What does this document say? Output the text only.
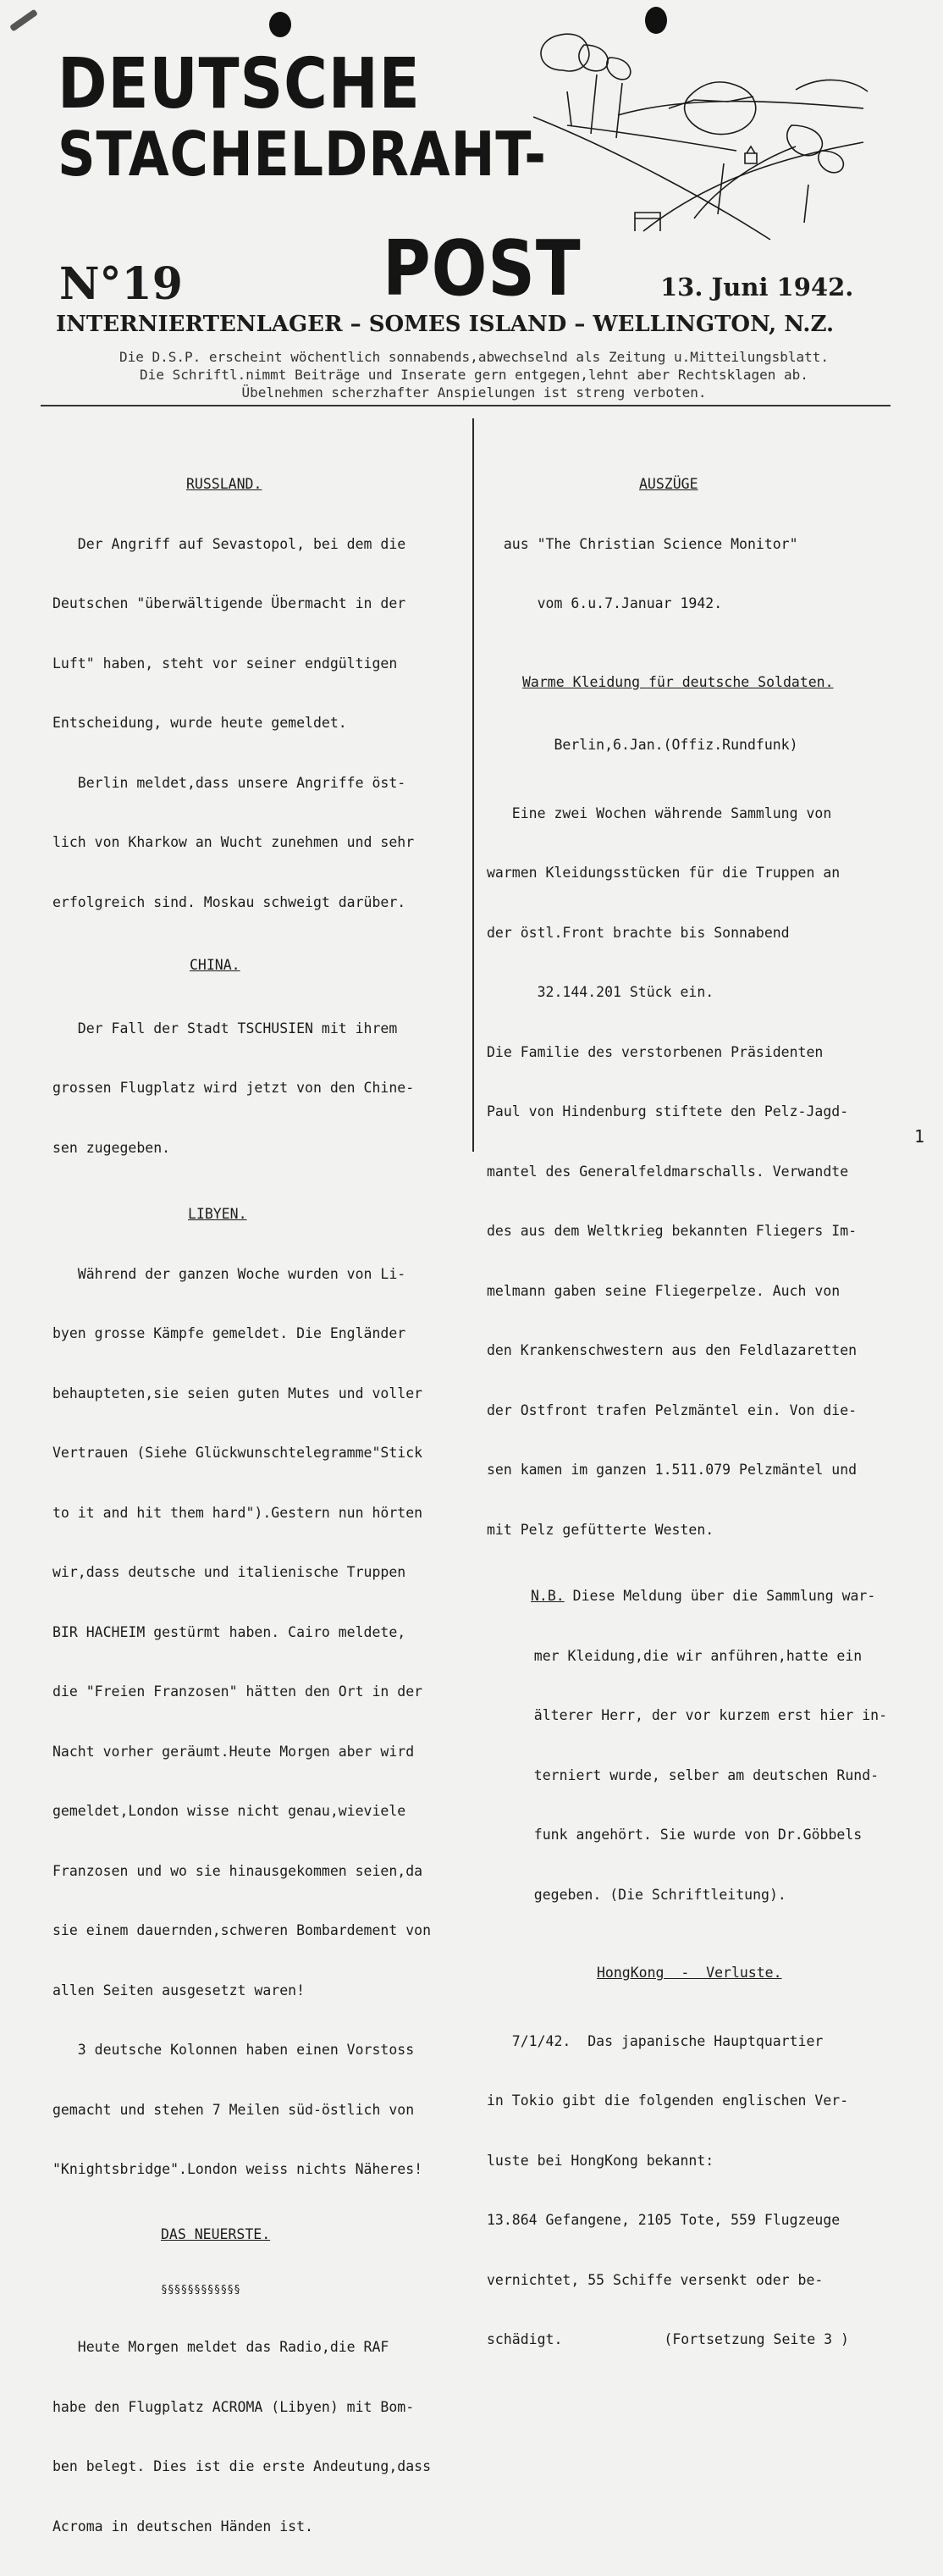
DEUTSCHE
STACHELDRAHT-
POST
N°19	13. Juni 1942.
INTERNIERTENLAGER – SOMES ISLAND – WELLINGTON, N.Z.
Die D.S.P. erscheint wöchentlich sonnabends,abwechselnd als Zeitung u.Mitteilungsblatt.
Die Schriftl.nimmt Beiträge und Inserate gern entgegen,lehnt aber Rechtsklagen ab.
Übelnehmen scherzhafter Anspielungen ist streng verboten.

RUSSLAND.

Der Angriff auf Sevastopol, bei dem die

Deutschen "überwältigende Übermacht in der

Luft" haben, steht vor seiner endgültigen

Entscheidung, wurde heute gemeldet.

Berlin meldet,dass unsere Angriffe öst-

lich von Kharkow an Wucht zunehmen und sehr

erfolgreich sind. Moskau schweigt darüber.

CHINA.

Der Fall der Stadt TSCHUSIEN mit ihrem

grossen Flugplatz wird jetzt von den Chine-

sen zugegeben.

LIBYEN.

Während der ganzen Woche wurden von Li-

byen grosse Kämpfe gemeldet. Die Engländer

behaupteten,sie seien guten Mutes und voller

Vertrauen (Siehe Glückwunschtelegramme"Stick

to it and hit them hard").Gestern nun hörten

wir,dass deutsche und italienische Truppen

BIR HACHEIM gestürmt haben. Cairo meldete,

die "Freien Franzosen" hätten den Ort in der

Nacht vorher geräumt.Heute Morgen aber wird

gemeldet,London wisse nicht genau,wieviele

Franzosen und wo sie hinausgekommen seien,da

sie einem dauernden,schweren Bombardement von

allen Seiten ausgesetzt waren!

3 deutsche Kolonnen haben einen Vorstoss

gemacht und stehen 7 Meilen süd-östlich von

"Knightsbridge".London weiss nichts Näheres!

DAS NEUERSTE.

§§§§§§§§§§§§

Heute Morgen meldet das Radio,die RAF

habe den Flugplatz ACROMA (Libyen) mit Bom-

ben belegt. Dies ist die erste Andeutung,dass

Acroma in deutschen Händen ist.

AUSZÜGE

aus "The Christian Science Monitor"

vom 6.u.7.Januar 1942.

Warme Kleidung für deutsche Soldaten.

Berlin,6.Jan.(Offiz.Rundfunk)

Eine zwei Wochen währende Sammlung von

warmen Kleidungsstücken für die Truppen an

der östl.Front brachte bis Sonnabend

32.144.201 Stück ein.

Die Familie des verstorbenen Präsidenten

Paul von Hindenburg stiftete den Pelz-Jagd-

mantel des Generalfeldmarschalls. Verwandte

des aus dem Weltkrieg bekannten Fliegers Im-

melmann gaben seine Fliegerpelze. Auch von

den Krankenschwestern aus den Feldlazaretten

der Ostfront trafen Pelzmäntel ein. Von die-

sen kamen im ganzen 1.511.079 Pelzmäntel und

mit Pelz gefütterte Westen.

N.B. Diese Meldung über die Sammlung war-

mer Kleidung,die wir anführen,hatte ein

älterer Herr, der vor kurzem erst hier in-

terniert wurde, selber am deutschen Rund-

funk angehört. Sie wurde von Dr.Göbbels

gegeben. (Die Schriftleitung).

HongKong  -  Verluste.

7/1/42.  Das japanische Hauptquartier

in Tokio gibt die folgenden englischen Ver-

luste bei HongKong bekannt:

13.864 Gefangene, 2105 Tote, 559 Flugzeuge

vernichtet, 55 Schiffe versenkt oder be-

schädigt.	(Fortsetzung Seite 3 )

1
